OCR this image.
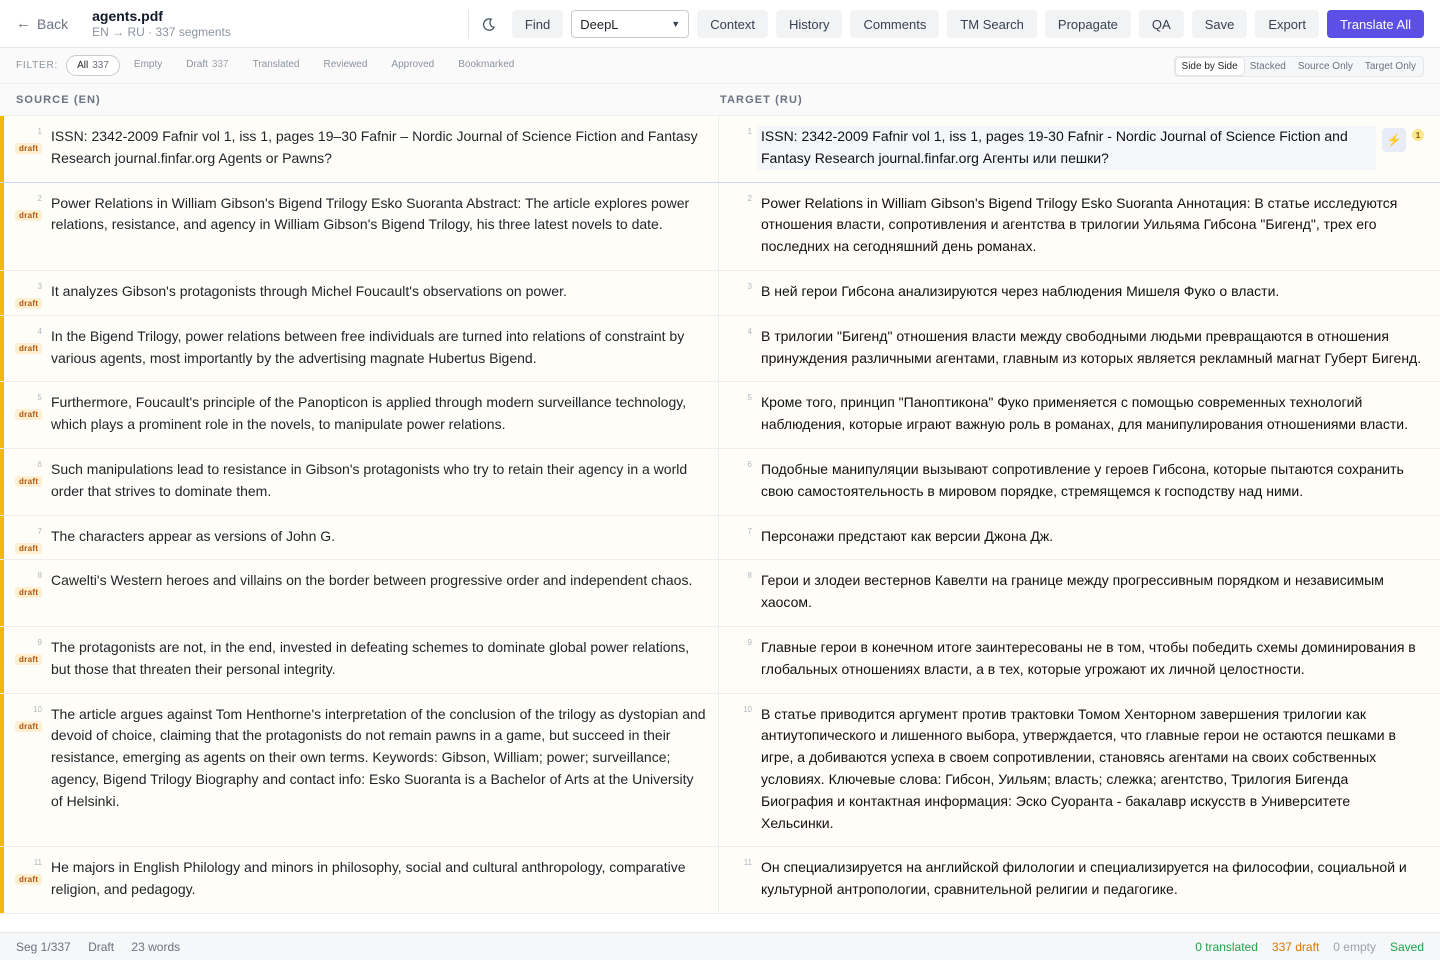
← Back agents.pdf
EN → RU · 337 segments
Find	DeepL	▼	Context	History	Comments	TM Search	Propagate	QA	Save	Export	Translate All
FILTER: All 337	Empty Draft 337 Translated Reviewed Approved Bookmarked	Side by Side	Stacked	Source Only	Target Only
SOURCE (EN)	TARGET (RU)
1
draft
ISSN: 2342-2009 Fafnir vol 1, iss 1, pages 19–30 Fafnir – Nordic Journal of Science Fiction and Fantasy Research journal.finfar.org Agents or Pawns?
1 ISSN: 2342-2009 Fafnir vol 1, iss 1, pages 19-30 Fafnir - Nordic Journal of Science Fiction and Fantasy Research journal.finfar.org Агенты или пешки?
⚡	1
2
draft
Power Relations in William Gibson's Bigend Trilogy Esko Suoranta Abstract: The article explores power relations, resistance, and agency in William Gibson's Bigend Trilogy, his three latest novels to date.
2 Power Relations in William Gibson's Bigend Trilogy Esko Suoranta Аннотация: В статье исследуются отношения власти, сопротивления и агентства в трилогии Уильяма Гибсона "Бигенд", трех его последних на сегодняшний день романах.
3
draft
It analyzes Gibson's protagonists through Michel Foucault's observations on power.	3 В ней герои Гибсона анализируются через наблюдения Мишеля Фуко о власти.
4
draft
In the Bigend Trilogy, power relations between free individuals are turned into relations of constraint by various agents, most importantly by the advertising magnate Hubertus Bigend.
4 В трилогии "Бигенд" отношения власти между свободными людьми превращаются в отношения принуждения различными агентами, главным из которых является рекламный магнат Губерт Бигенд.
5
draft
Furthermore, Foucault's principle of the Panopticon is applied through modern surveillance technology, which plays a prominent role in the novels, to manipulate power relations.
5 Кроме того, принцип "Паноптикона" Фуко применяется с помощью современных технологий наблюдения, которые играют важную роль в романах, для манипулирования отношениями власти.
6
draft
Such manipulations lead to resistance in Gibson's protagonists who try to retain their agency in a world order that strives to dominate them.
6 Подобные манипуляции вызывают сопротивление у героев Гибсона, которые пытаются сохранить свою самостоятельность в мировом порядке, стремящемся к господству над ними.
7
draft
The characters appear as versions of John G.	7 Персонажи предстают как версии Джона Дж.
8
draft
Cawelti's Western heroes and villains on the border between progressive order and independent chaos.	8 Герои и злодеи вестернов Кавелти на границе между прогрессивным порядком и независимым хаосом.
9
draft
The protagonists are not, in the end, invested in defeating schemes to dominate global power relations, but those that threaten their personal integrity.
9 Главные герои в конечном итоге заинтересованы не в том, чтобы победить схемы доминирования в глобальных отношениях власти, а в тех, которые угрожают их личной целостности.
10
draft
The article argues against Tom Henthorne's interpretation of the conclusion of the trilogy as dystopian and devoid of choice, claiming that the protagonists do not remain pawns in a game, but succeed in their resistance, emerging as agents on their own terms. Keywords: Gibson, William; power; surveillance; agency, Bigend Trilogy Biography and contact info: Esko Suoranta is a Bachelor of Arts at the University of Helsinki.
10 В статье приводится аргумент против трактовки Томом Хенторном завершения трилогии как антиутопического и лишенного выбора, утверждается, что главные герои не остаются пешками в игре, а добиваются успеха в своем сопротивлении, становясь агентами на своих собственных условиях. Ключевые слова: Гибсон, Уильям; власть; слежка; агентство, Трилогия Бигенда Биография и контактная информация: Эско Суоранта - бакалавр искусств в Университете Хельсинки.
11
draft
He majors in English Philology and minors in philosophy, social and cultural anthropology, comparative religion, and pedagogy.
11 Он специализируется на английской филологии и специализируется на философии, социальной и культурной антропологии, сравнительной религии и педагогике.
Seg 1/337 Draft 23 words	0 translated 337 draft 0 empty Saved
